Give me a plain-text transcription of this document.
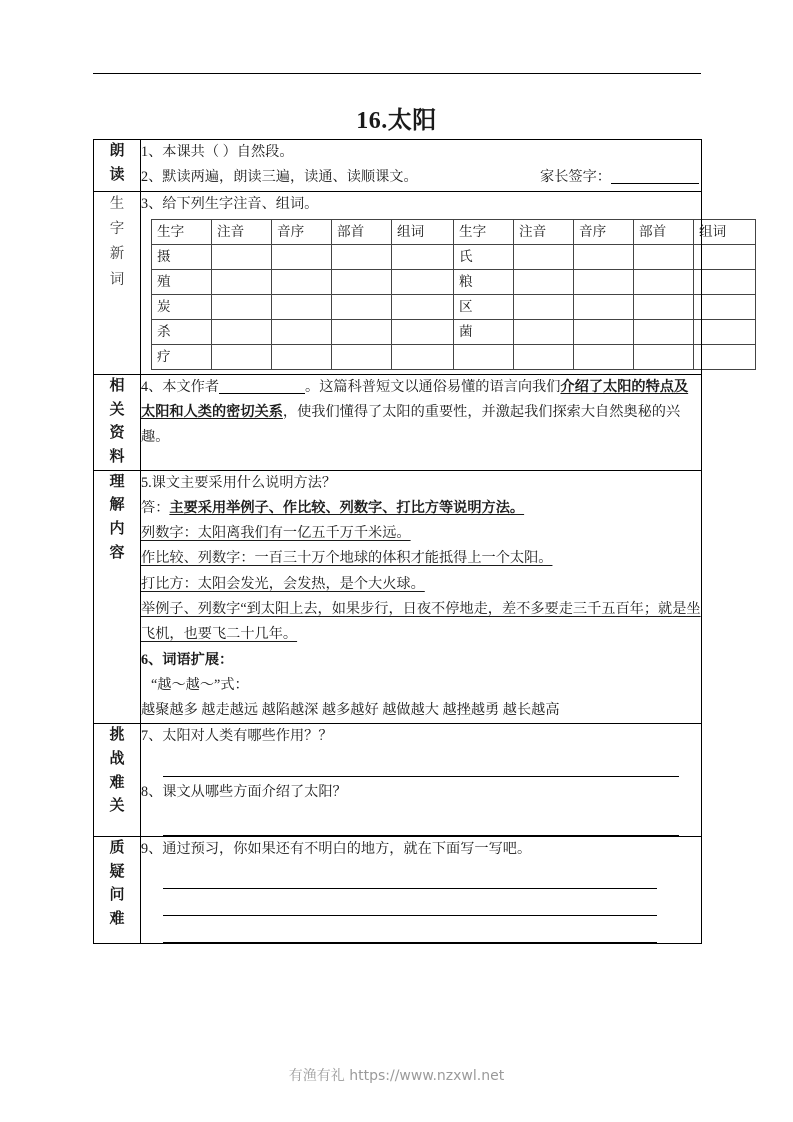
16.太阳
朗
读

1、本课共（ ）自然段。
2、默读两遍，朗读三遍，读通、读顺课文。	家长签字：

生
字
新
词

3、给下列生字注音、组词。
生字	注音	音序	部首	组词	生字	注音	音序	部首	组词
摄					氏				
殖					粮				
炭					区				
杀					菌				
疗									

相
关
资
料

4、本文作者	。这篇科普短文以通俗易懂的语言向我们介绍了太阳的特点及太阳和人类的密切关系，使我们懂得了太阳的重要性，并激起我们探索大自然奥秘的兴趣。

理
解
内
容

5.课文主要采用什么说明方法？
答：主要采用举例子、作比较、列数字、打比方等说明方法。
列数字：太阳离我们有一亿五千万千米远。
作比较、列数字：一百三十万个地球的体积才能抵得上一个太阳。
打比方：太阳会发光，会发热，是个大火球。
举例子、列数字“到太阳上去，如果步行，日夜不停地走，差不多要走三千五百年；就是坐飞机，也要飞二十几年。
6、词语扩展：
“越～越～”式：
越聚越多 越走越远 越陷越深 越多越好 越做越大 越挫越勇 越长越高

挑
战
难
关

7、太阳对人类有哪些作用？？
8、课文从哪些方面介绍了太阳？

质
疑
问
难

9、通过预习，你如果还有不明白的地方，就在下面写一写吧。
有渔有礼 https://www.nzxwl.net
